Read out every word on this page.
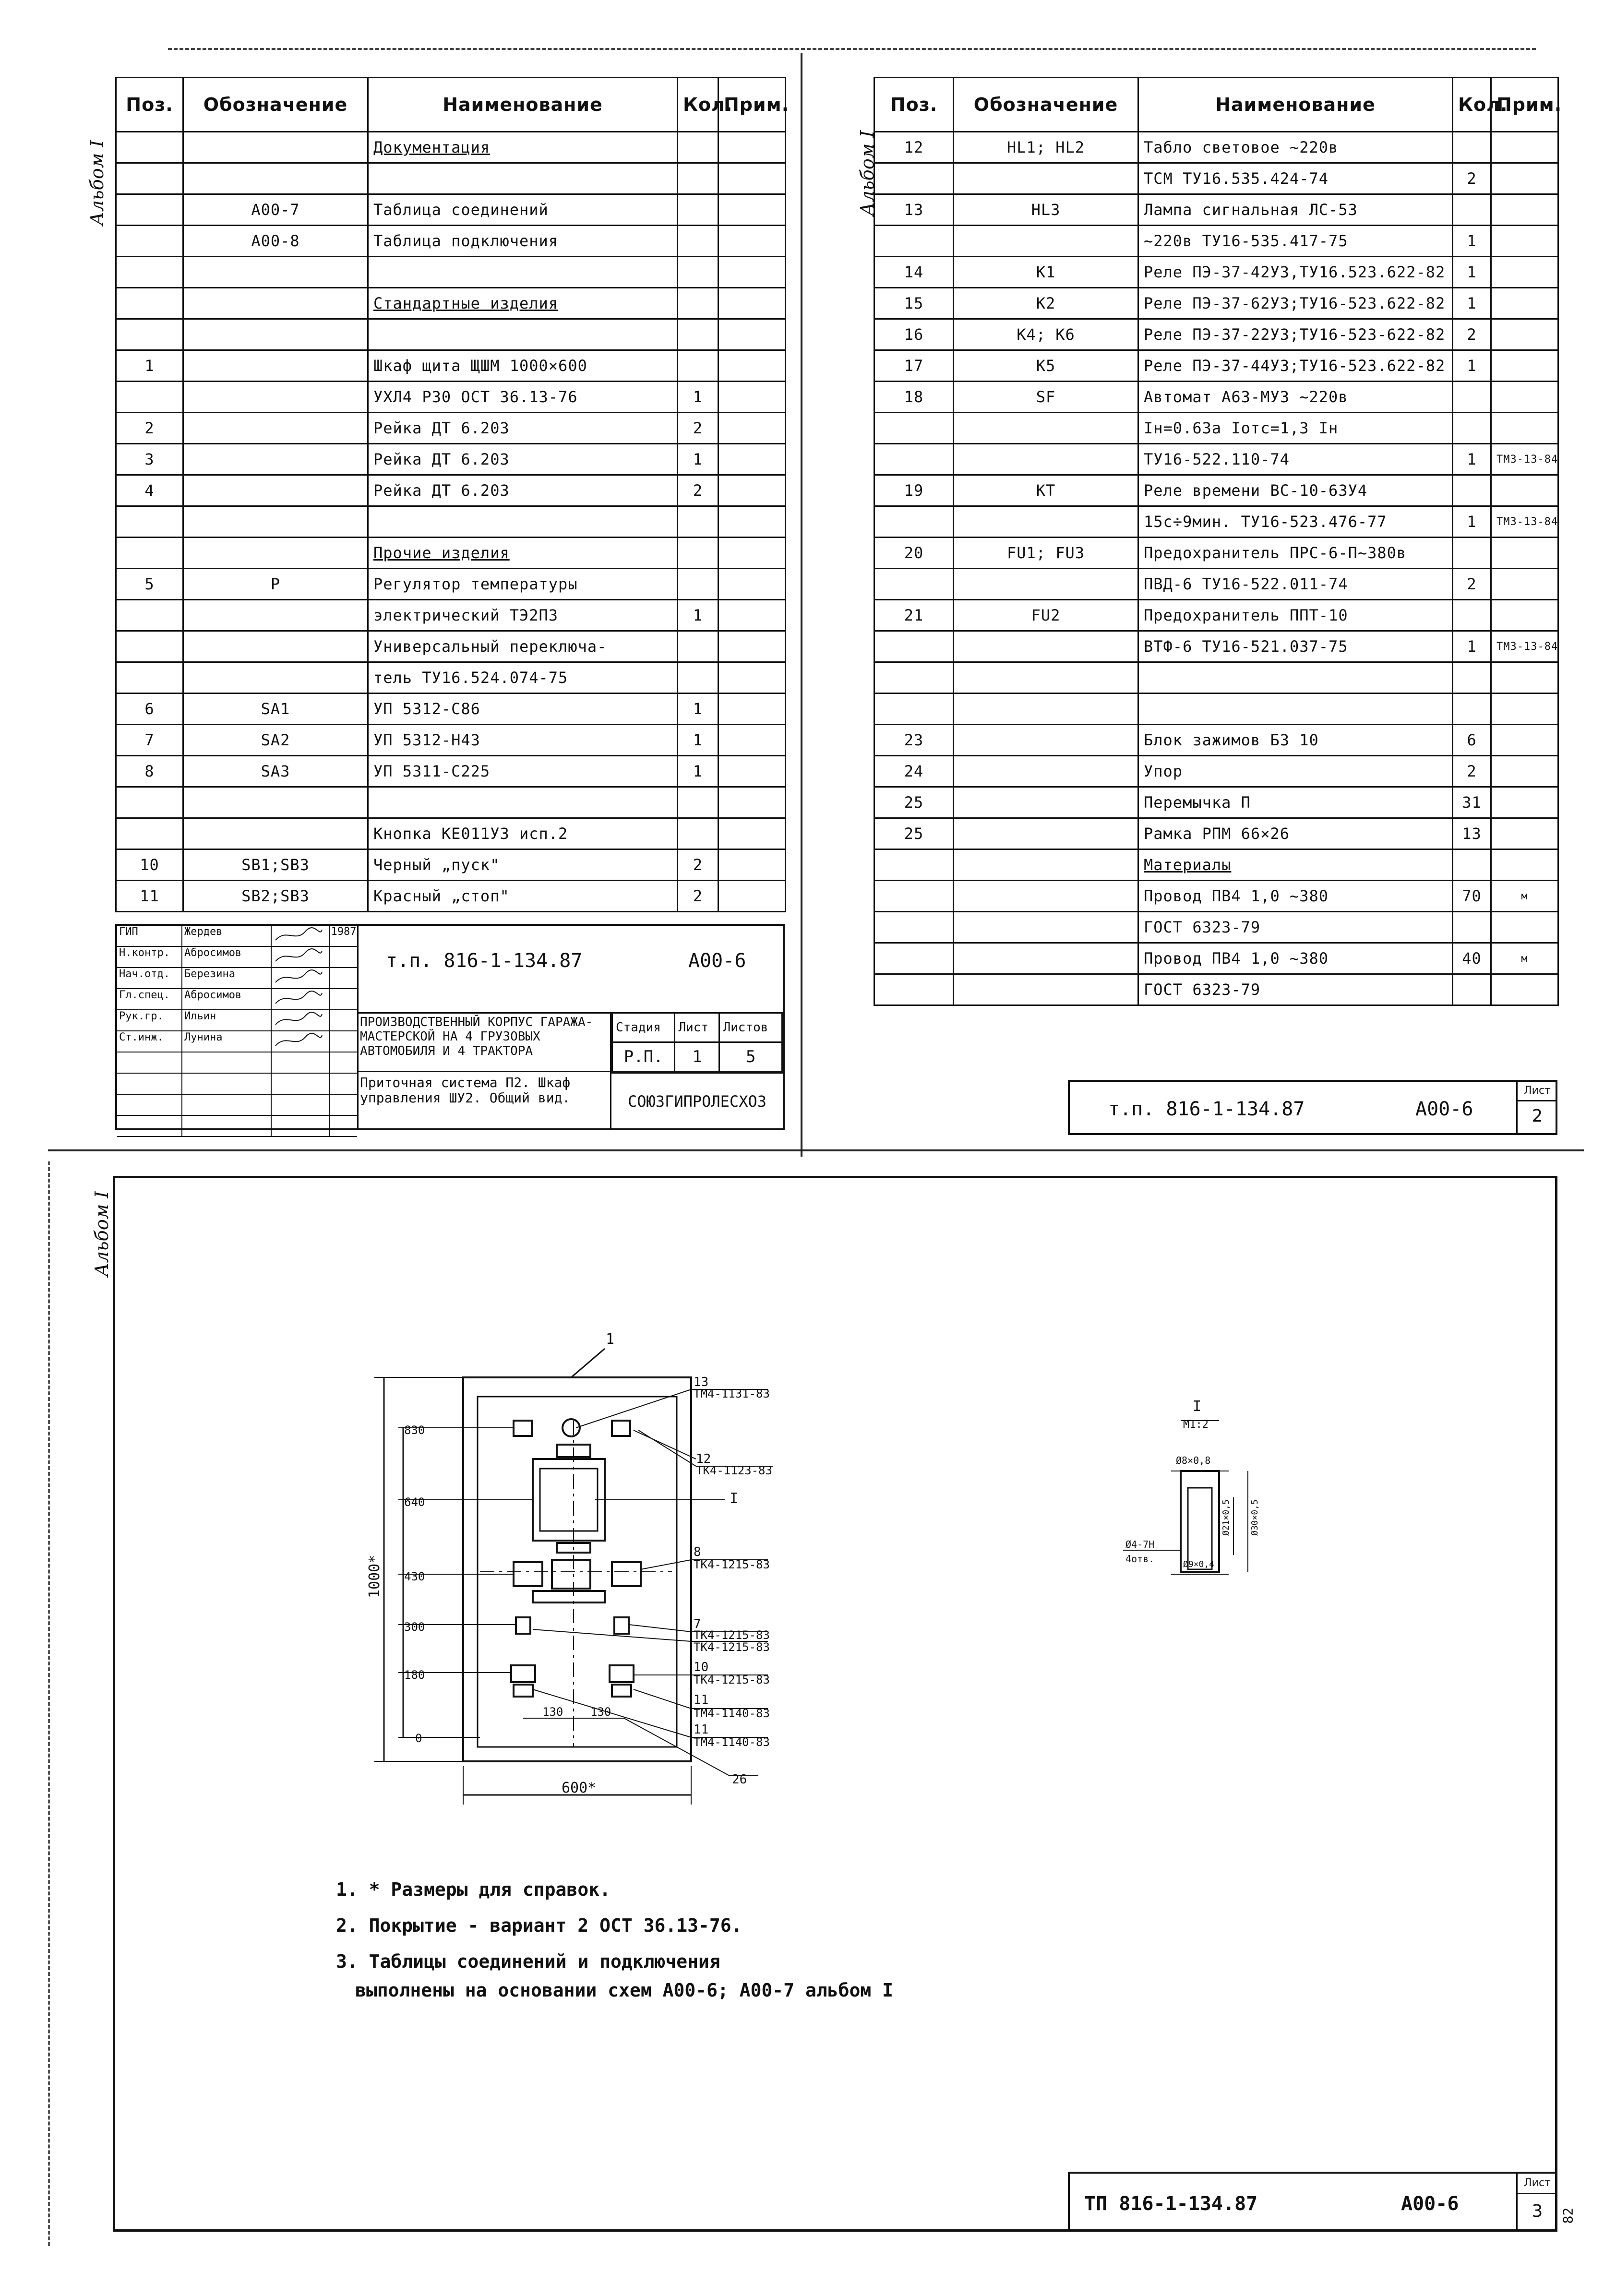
Альбом I
Поз.	Обозначение	Наименование	Кол.	Прим.
		Документация		

	А00-7	Таблица соединений		
	А00-8	Таблица подключения		

		Стандартные изделия		

1		Шкаф щита ЩШМ 1000×600		
		УХЛ4 Р30 ОСТ 36.13-76	1	
2		Рейка ДТ 6.203	2	
3		Рейка ДТ 6.203	1	
4		Рейка ДТ 6.203	2	

		Прочие изделия		
5	Р	Регулятор температуры		
		электрический ТЭ2П3	1	
		Универсальный переключа-		
		тель ТУ16.524.074-75		
6	SA1	УП 5312-С86	1	
7	SA2	УП 5312-Н43	1	
8	SA3	УП 5311-С225	1	

		Кнопка КЕ011УЗ исп.2		
10	SB1;SB3	Черный „пуск"	2	
11	SB2;SB3	Красный „стоп"	2	
ГИП	Жердев	1987
Н.контр.	Абросимов
Нач.отд.	Березина
Гл.спец.	Абросимов
Рук.гр.	Ильин
Ст.инж.	Лунина
т.п. 816-1-134.87	А00-6
ПРОИЗВОДСТВЕННЫЙ КОРПУС ГАРАЖА-МАСТЕРСКОЙ НА 4 ГРУЗОВЫХ АВТОМОБИЛЯ И 4 ТРАКТОРА
Стадия	Лист	Листов
Р.П.	1	5
Приточная система П2. Шкаф управления ШУ2. Общий вид.	СОЮЗГИПРОЛЕСХОЗ
Альбом I
Поз.	Обозначение	Наименование	Кол.	Прим.
12	HL1; HL2	Табло световое ~220в		
		ТСМ ТУ16.535.424-74	2	
13	HL3	Лампа сигнальная ЛС-53		
		~220в ТУ16-535.417-75	1	
14	К1	Реле ПЭ-37-42УЗ,ТУ16.523.622-82	1	
15	К2	Реле ПЭ-37-62УЗ;ТУ16-523.622-82	1	
16	К4; К6	Реле ПЭ-37-22УЗ;ТУ16-523-622-82	2	
17	К5	Реле ПЭ-37-44УЗ;ТУ16-523.622-82	1	
18	SF	Автомат А63-МУЗ ~220в		
		Iн=0.63а Iотс=1,3 Iн		
		ТУ16-522.110-74	1	ТМ3-13-84
19	КТ	Реле времени ВС-10-63У4		
		15с÷9мин. ТУ16-523.476-77	1	ТМ3-13-84
20	FU1; FU3	Предохранитель ПРС-6-П~380в		
		ПВД-6 ТУ16-522.011-74	2	
21	FU2	Предохранитель ППТ-10		
		ВТФ-6 ТУ16-521.037-75	1	ТМ3-13-84

23		Блок зажимов БЗ 10	6	
24		Упор	2	
25		Перемычка П	31	
25		Рамка РПМ 66×26	13	
		Материалы		
		Провод ПВ4 1,0 ~380	70	м
		ГОСТ 6323-79		
		Провод ПВ4 1,0 ~380	40	м
		ГОСТ 6323-79		
т.п. 816-1-134.87	А00-6
Лист
2
Альбом I
1
13
ТМ4-1131-83
12
ТК4-1123-83
I
8
ТК4-1215-83
7
ТК4-1215-83
ТК4-1215-83
10
ТК4-1215-83
11
ТМ4-1140-83
11
ТМ4-1140-83
26
830
640
430
300
180
0
1000*
600*
130 130
I
М1:2
Ø8×0,8
Ø21×0,5 Ø30×0,5
Ø9×0,4
Ø4-7Н
4отв.
1. * Размеры для справок.
2. Покрытие - вариант 2 ОСТ 36.13-76.
3. Таблицы соединений и подключения
выполнены на основании схем А00-6; А00-7 альбом I
ТП 816-1-134.87	А00-6
Лист
3	82
